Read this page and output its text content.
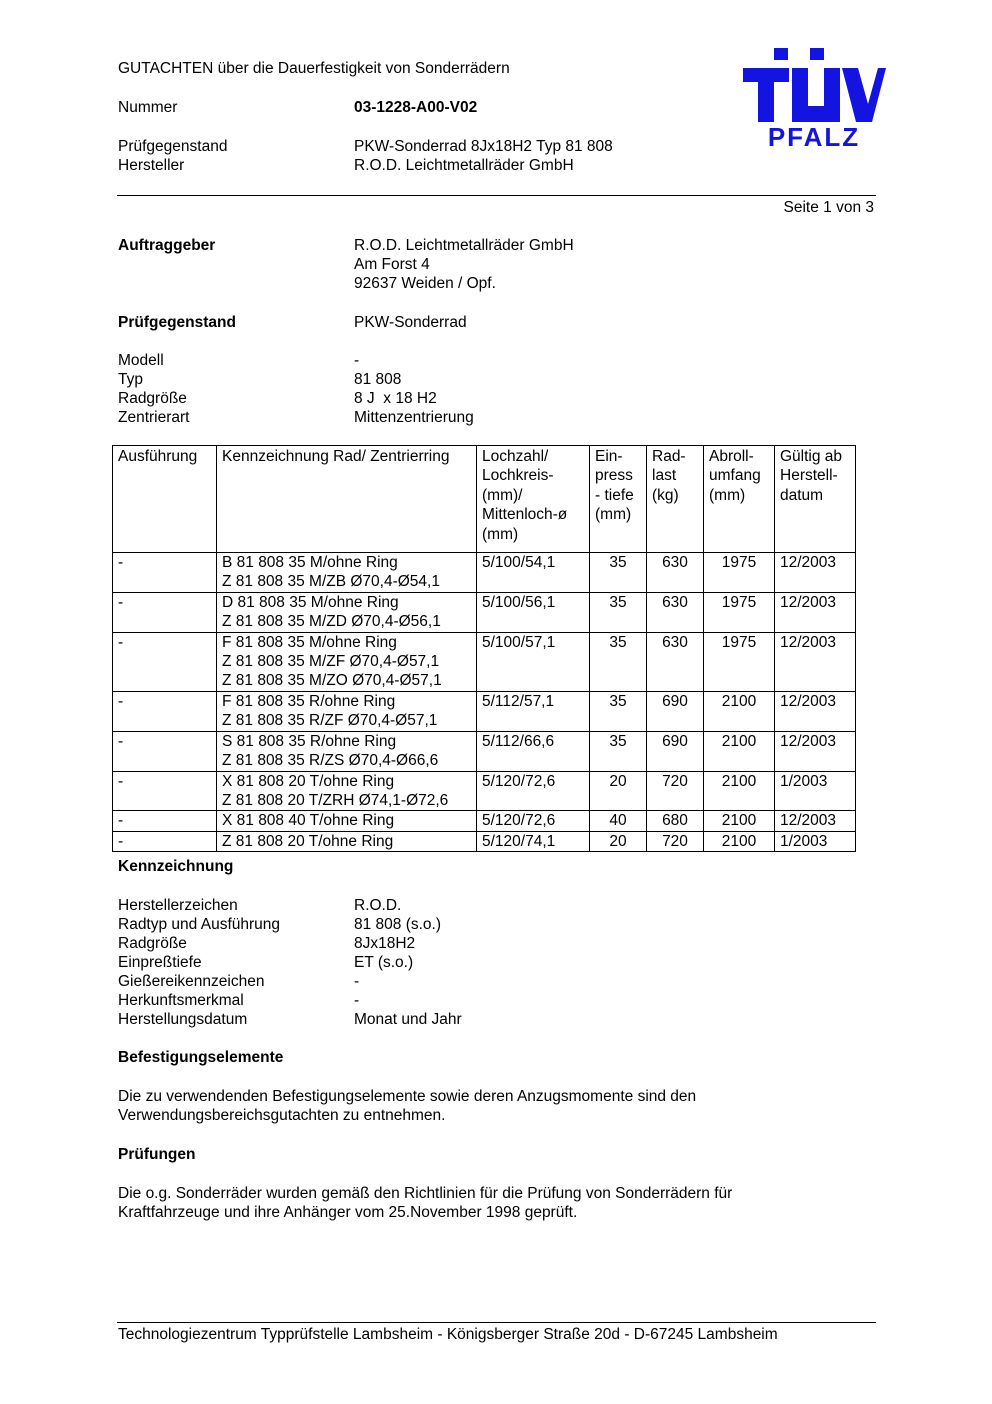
GUTACHTEN über die Dauerfestigkeit von Sonderrädern
Nummer	03-1228-A00-V02
Prüfgegenstand	PKW-Sonderrad 8Jx18H2 Typ 81 808
Hersteller	R.O.D. Leichtmetallräder GmbH
PFALZ
Seite 1 von 3
Auftraggeber	R.O.D. Leichtmetallräder GmbH
Am Forst 4
92637 Weiden / Opf.
Prüfgegenstand	PKW-Sonderrad
Modell	-
Typ	81 808
Radgröße	8 J  x 18 H2
Zentrierart	Mittenzentrierung
Ausführung	Kennzeichnung Rad/ Zentrierring	Lochzahl/
Lochkreis-
(mm)/
Mittenloch-ø
(mm)	Ein-
press
- tiefe
(mm)	Rad-
last
(kg)	Abroll-
umfang
(mm)	Gültig ab
Herstell-
datum

-	B 81 808 35 M/ohne Ring
Z 81 808 35 M/ZB Ø70,4-Ø54,1	5/100/54,1	35	630	1975	12/2003
-	D 81 808 35 M/ohne Ring
Z 81 808 35 M/ZD Ø70,4-Ø56,1	5/100/56,1	35	630	1975	12/2003
-	F 81 808 35 M/ohne Ring
Z 81 808 35 M/ZF Ø70,4-Ø57,1
Z 81 808 35 M/ZO Ø70,4-Ø57,1	5/100/57,1	35	630	1975	12/2003
-	F 81 808 35 R/ohne Ring
Z 81 808 35 R/ZF Ø70,4-Ø57,1	5/112/57,1	35	690	2100	12/2003
-	S 81 808 35 R/ohne Ring
Z 81 808 35 R/ZS Ø70,4-Ø66,6	5/112/66,6	35	690	2100	12/2003
-	X 81 808 20 T/ohne Ring
Z 81 808 20 T/ZRH Ø74,1-Ø72,6	5/120/72,6	20	720	2100	1/2003
-	X 81 808 40 T/ohne Ring	5/120/72,6	40	680	2100	12/2003
-	Z 81 808 20 T/ohne Ring	5/120/74,1	20	720	2100	1/2003
Kennzeichnung
Herstellerzeichen	R.O.D.
Radtyp und Ausführung	81 808 (s.o.)
Radgröße	8Jx18H2
Einpreßtiefe	ET (s.o.)
Gießereikennzeichen	-
Herkunftsmerkmal	-
Herstellungsdatum	Monat und Jahr
Befestigungselemente
Die zu verwendenden Befestigungselemente sowie deren Anzugsmomente sind den
Verwendungsbereichsgutachten zu entnehmen.
Prüfungen
Die o.g. Sonderräder wurden gemäß den Richtlinien für die Prüfung von Sonderrädern für
Kraftfahrzeuge und ihre Anhänger vom 25.November 1998 geprüft.
Technologiezentrum Typprüfstelle Lambsheim - Königsberger Straße 20d - D-67245 Lambsheim
